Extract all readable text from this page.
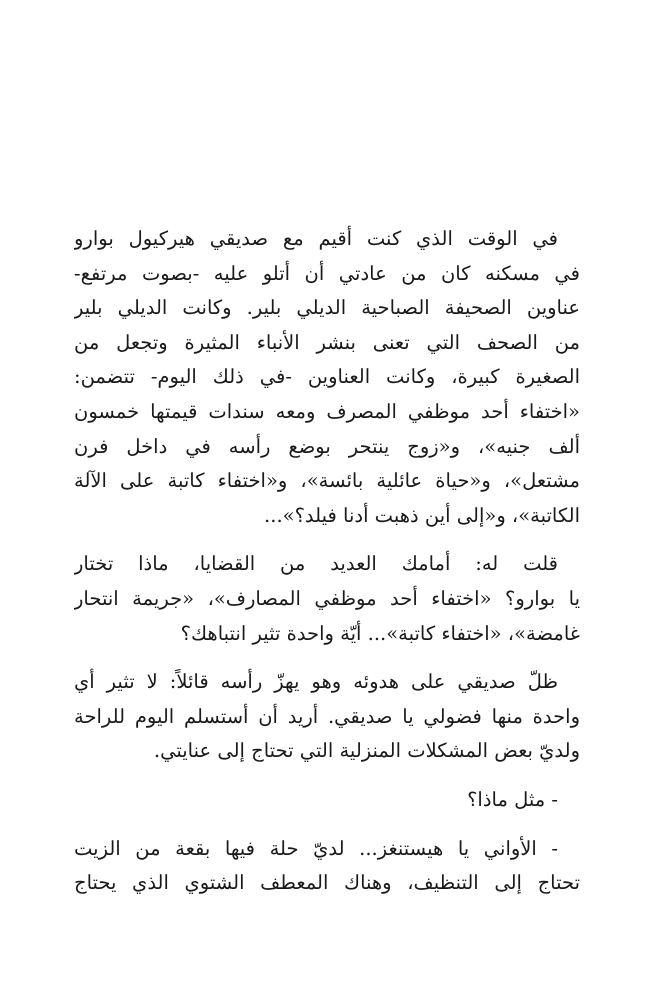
في الوقت الذي كنت أقيم مع صديقي هيركيول بوارو
في مسكنه كان من عادتي أن أتلو عليه -بصوت مرتفع-
عناوين الصحيفة الصباحية الديلي بلير. وكانت الديلي بلير
من الصحف التي تعنى بنشر الأنباء المثيرة وتجعل من
الصغيرة كبيرة، وكانت العناوين -في ذلك اليوم- تتضمن:
«اختفاء أحد موظفي المصرف ومعه سندات قيمتها خمسون
ألف جنيه»، و«زوج ينتحر بوضع رأسه في داخل فرن
مشتعل»، و«حياة عائلية بائسة»، و«اختفاء كاتبة على الآلة
الكاتبة»، و«إلى أين ذهبت أدنا فيلد؟»...
قلت له: أمامك العديد من القضايا، ماذا تختار
يا بوارو؟ «اختفاء أحد موظفي المصارف»، «جريمة انتحار
غامضة»، «اختفاء كاتبة»... أيّة واحدة تثير انتباهك؟
ظلّ صديقي على هدوئه وهو يهزّ رأسه قائلاً: لا تثير أي
واحدة منها فضولي يا صديقي. أريد أن أستسلم اليوم للراحة
ولديّ بعض المشكلات المنزلية التي تحتاج إلى عنايتي.
- مثل ماذا؟
- الأواني يا هيستنغز... لديّ حلة فيها بقعة من الزيت
تحتاج إلى التنظيف، وهناك المعطف الشتوي الذي يحتاج
